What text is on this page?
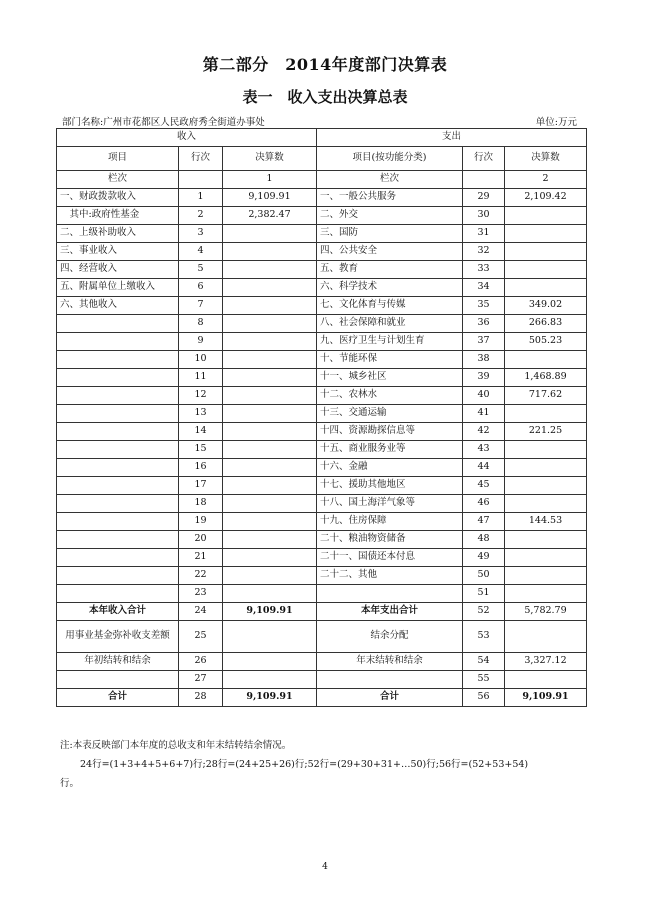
第二部分　2014年度部门决算表
表一　收入支出决算总表
部门名称:广州市花都区人民政府秀全街道办事处	单位:万元
收入			支出		
项目	行次	决算数	项目(按功能分类)	行次	决算数
栏次		1	栏次		2
一、财政拨款收入	1	9,109.91	一、一般公共服务	29	2,109.42
　其中:政府性基金	2	2,382.47	二、外交	30	
二、上级补助收入	3		三、国防	31	
三、事业收入	4		四、公共安全	32	
四、经营收入	5		五、教育	33	
五、附属单位上缴收入	6		六、科学技术	34	
六、其他收入	7		七、文化体育与传媒	35	349.02
	8		八、社会保障和就业	36	266.83
	9		九、医疗卫生与计划生育	37	505.23
	10		十、节能环保	38	
	11		十一、城乡社区	39	1,468.89
	12		十二、农林水	40	717.62
	13		十三、交通运输	41	
	14		十四、资源勘探信息等	42	221.25
	15		十五、商业服务业等	43	
	16		十六、金融	44	
	17		十七、援助其他地区	45	
	18		十八、国土海洋气象等	46	
	19		十九、住房保障	47	144.53
	20		二十、粮油物资储备	48	
	21		二十一、国债还本付息	49	
	22		二十二、其他	50	
	23			51	
本年收入合计	24	9,109.91	本年支出合计	52	5,782.79
用事业基金弥补收支差额	25		结余分配	53	
年初结转和结余	26		年末结转和结余	54	3,327.12
	27			55	
合计	28	9,109.91	合计	56	9,109.91
注:本表反映部门本年度的总收支和年末结转结余情况。
24行=(1+3+4+5+6+7)行;28行=(24+25+26)行;52行=(29+30+31+…50)行;56行=(52+53+54)
行。
4
